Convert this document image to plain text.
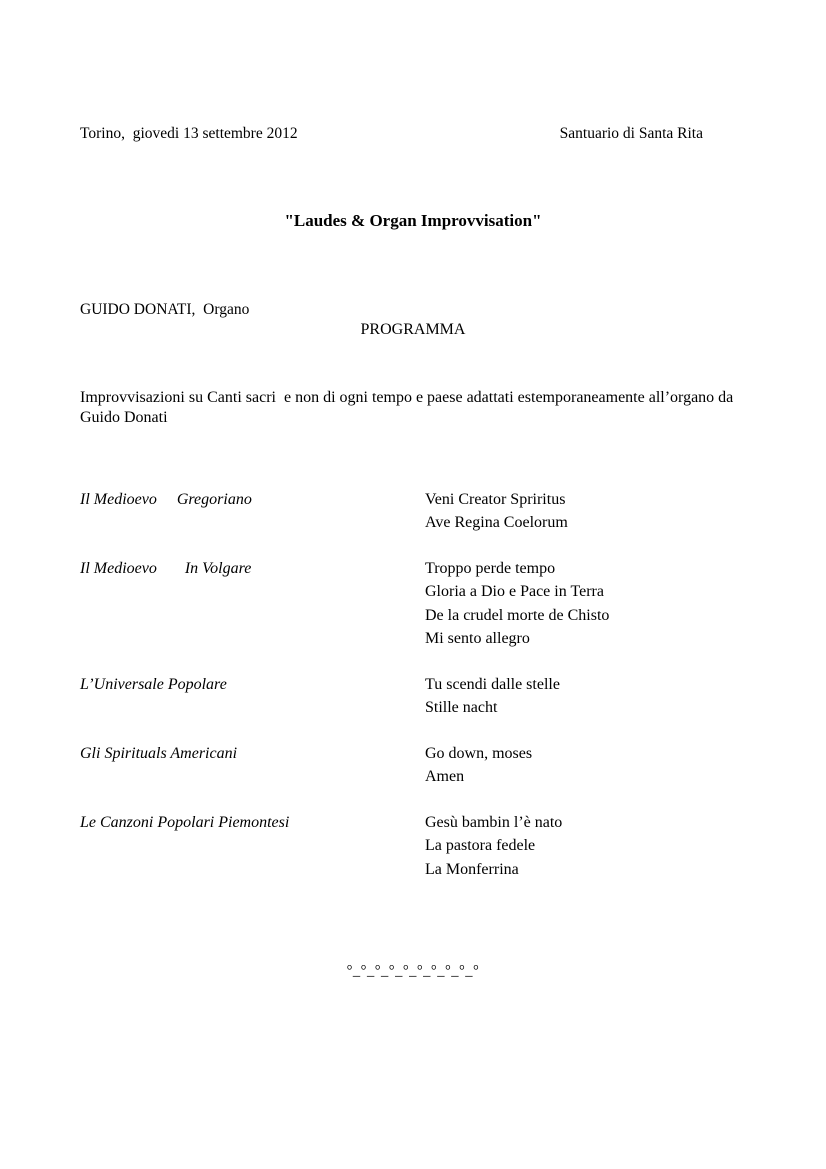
Torino,  giovedi 13 settembre 2012	Santuario di Santa Rita
"Laudes & Organ Improvvisation"
GUIDO DONATI,  Organo
PROGRAMMA
Improvvisazioni su Canti sacri  e non di ogni tempo e paese adattati estemporaneamente all’organo da Guido Donati
Il Medioevo     Gregoriano	Veni Creator Spriritus
Ave Regina Coelorum
Il Medioevo       In Volgare	Troppo perde tempo
Gloria a Dio e Pace in Terra
De la crudel morte de Chisto
Mi sento allegro
L’Universale Popolare	Tu scendi dalle stelle
Stille nacht
Gli Spirituals Americani	Go down, moses
Amen
Le Canzoni Popolari Piemontesi	Gesù bambin l’è nato
La pastora fedele
La Monferrina
°_°_°_°_°_°_°_°_°_°
